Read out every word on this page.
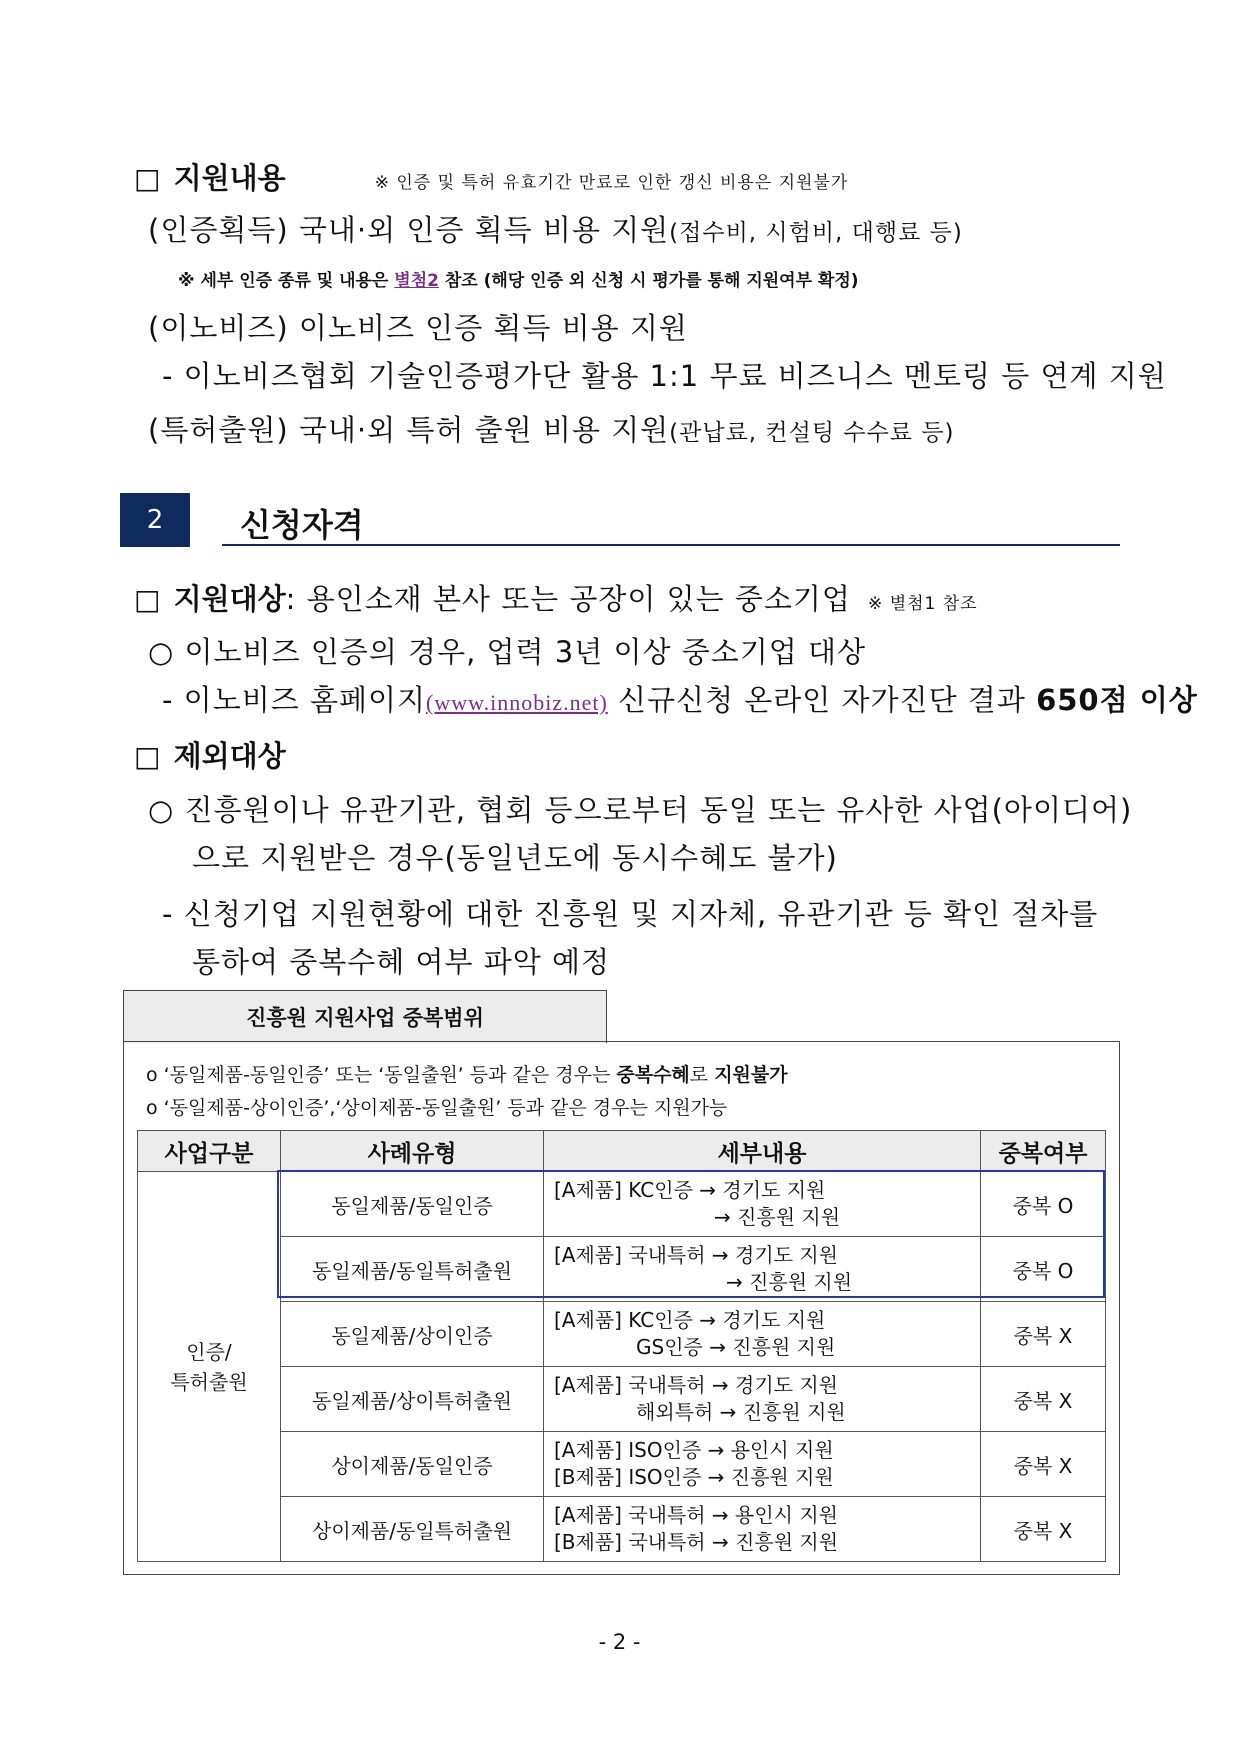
□ 지원내용	※ 인증 및 특허 유효기간 만료로 인한 갱신 비용은 지원불가
(인증획득) 국내·외 인증 획득 비용 지원(접수비, 시험비, 대행료 등)
※ 세부 인증 종류 및 내용은 별첨2 참조 (해당 인증 외 신청 시 평가를 통해 지원여부 확정)
(이노비즈) 이노비즈 인증 획득 비용 지원
- 이노비즈협회 기술인증평가단 활용 1:1 무료 비즈니스 멘토링 등 연계 지원
(특허출원) 국내·외 특허 출원 비용 지원(관납료, 컨설팅 수수료 등)
2	신청자격
□ 지원대상: 용인소재 본사 또는 공장이 있는 중소기업 ※ 별첨1 참조
○ 이노비즈 인증의 경우, 업력 3년 이상 중소기업 대상
- 이노비즈 홈페이지(www.innobiz.net) 신규신청 온라인 자가진단 결과 650점 이상
□ 제외대상
○ 진흥원이나 유관기관, 협회 등으로부터 동일 또는 유사한 사업(아이디어)
으로 지원받은 경우(동일년도에 동시수혜도 불가)
- 신청기업 지원현황에 대한 진흥원 및 지자체, 유관기관 등 확인 절차를
통하여 중복수혜 여부 파악 예정
진흥원 지원사업 중복범위
o ‘동일제품-동일인증’ 또는 ‘동일출원’ 등과 같은 경우는 중복수혜로 지원불가
o ‘동일제품-상이인증’,‘상이제품-동일출원’ 등과 같은 경우는 지원가능
사업구분	사례유형	세부내용	중복여부
인증/
특허출원	동일제품/동일인증	[A제품] KC인증 → 경기도 지원
→ 진흥원 지원	중복 O
	동일제품/동일특허출원	[A제품] 국내특허 → 경기도 지원
→ 진흥원 지원	중복 O
	동일제품/상이인증	[A제품] KC인증 → 경기도 지원
GS인증 → 진흥원 지원	중복 X
	동일제품/상이특허출원	[A제품] 국내특허 → 경기도 지원
해외특허 → 진흥원 지원	중복 X
	상이제품/동일인증	[A제품] ISO인증 → 용인시 지원
[B제품] ISO인증 → 진흥원 지원	중복 X
	상이제품/동일특허출원	[A제품] 국내특허 → 용인시 지원
[B제품] 국내특허 → 진흥원 지원	중복 X
- 2 -
